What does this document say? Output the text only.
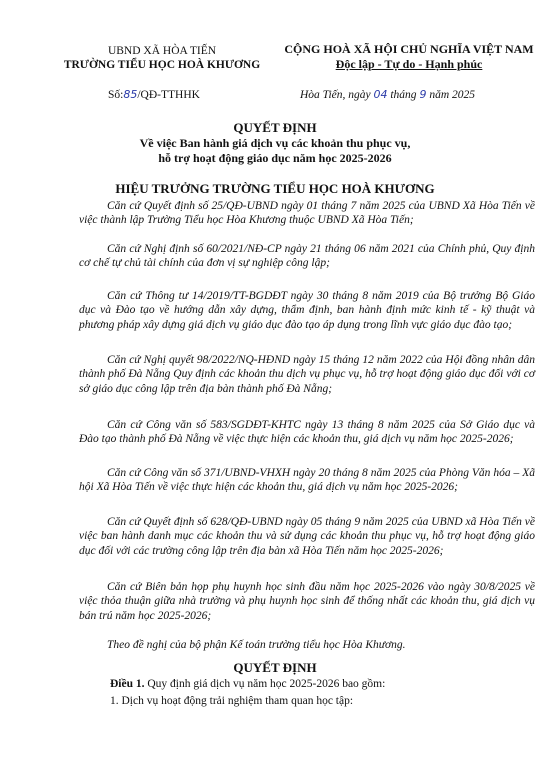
UBND XÃ HÒA TIẾN
TRƯỜNG TIỂU HỌC HOÀ KHƯƠNG
CỘNG HOÀ XÃ HỘI CHỦ NGHĨA VIỆT NAM
Độc lập - Tự do - Hạnh phúc
Số:85/QĐ-TTHHK	Hòa Tiến, ngày 04 tháng 9 năm 2025
QUYẾT ĐỊNH
Về việc Ban hành giá dịch vụ các khoản thu phục vụ,
hỗ trợ hoạt động giáo dục năm học 2025-2026
HIỆU TRƯỞNG TRƯỜNG TIỂU HỌC HOÀ KHƯƠNG
Căn cứ Quyết định số 25/QĐ-UBND ngày 01 tháng 7 năm 2025 của UBND Xã Hòa Tiến về việc thành lập Trường Tiểu học Hòa Khương thuộc UBND Xã Hòa Tiến;
Căn cứ Nghị định số 60/2021/NĐ-CP ngày 21 tháng 06 năm 2021 của Chính phủ, Quy định cơ chế tự chủ tài chính của đơn vị sự nghiệp công lập;
Căn cứ Thông tư 14/2019/TT-BGDĐT ngày 30 tháng 8 năm 2019 của Bộ trưởng Bộ Giáo dục và Đào tạo về hướng dẫn xây dựng, thẩm định, ban hành định mức kinh tế - kỹ thuật và phương pháp xây dựng giá dịch vụ giáo dục đào tạo áp dụng trong lĩnh vực giáo dục đào tạo;
Căn cứ Nghị quyết 98/2022/NQ-HĐND ngày 15 tháng 12 năm 2022 của Hội đồng nhân dân thành phố Đà Nẵng Quy định các khoản thu dịch vụ phục vụ, hỗ trợ hoạt động giáo dục đối với cơ sở giáo dục công lập trên địa bàn thành phố Đà Nẵng;
Căn cứ Công văn số 583/SGDĐT-KHTC ngày 13 tháng 8 năm 2025 của Sở Giáo dục và Đào tạo thành phố Đà Nẵng về việc thực hiện các khoản thu, giá dịch vụ năm học 2025-2026;
Căn cứ Công văn số 371/UBND-VHXH ngày 20 tháng 8 năm 2025 của Phòng Văn hóa – Xã hội Xã Hòa Tiến về việc thực hiện các khoản thu, giá dịch vụ năm học 2025-2026;
Căn cứ Quyết định số 628/QĐ-UBND ngày 05 tháng 9 năm 2025 của UBND xã Hòa Tiến về việc ban hành danh mục các khoản thu và sử dụng các khoản thu phục vụ, hỗ trợ hoạt động giáo dục đối với các trường công lập trên địa bàn xã Hòa Tiến năm học 2025-2026;
Căn cứ Biên bản họp phụ huynh học sinh đầu năm học 2025-2026 vào ngày 30/8/2025 về việc thỏa thuận giữa nhà trường và phụ huynh học sinh để thống nhất các khoản thu, giá dịch vụ bán trú năm học 2025-2026;
Theo đề nghị của bộ phận Kế toán trường tiểu học Hòa Khương.
QUYẾT ĐỊNH
Điều 1. Quy định giá dịch vụ năm học 2025-2026 bao gồm:
1. Dịch vụ hoạt động trải nghiệm tham quan học tập:
